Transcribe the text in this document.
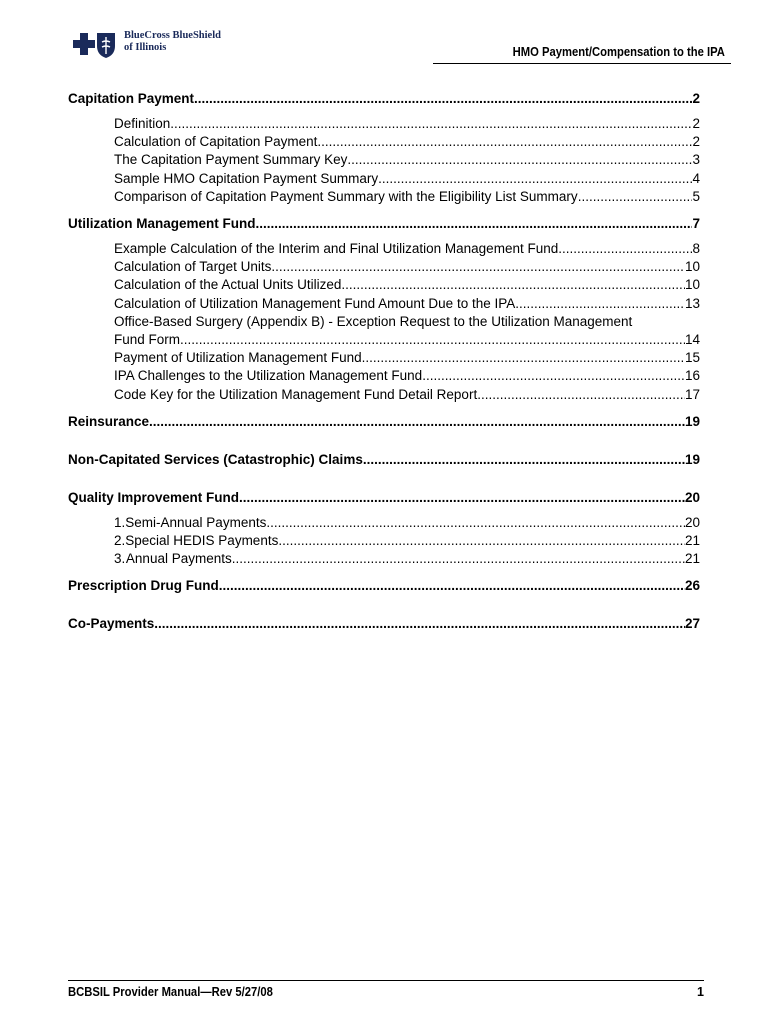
BlueCross BlueShield
of Illinois	HMO Payment/Compensation to the IPA
Capitation Payment .....	2
Definition .....	2
Calculation of Capitation Payment .....	2
The Capitation Payment Summary Key .....	3
Sample HMO Capitation Payment Summary .....	4
Comparison of Capitation Payment Summary with the Eligibility List Summary .....	5
Utilization Management Fund .....	7
Example Calculation of the Interim and Final Utilization Management Fund .....	8
Calculation of Target Units .....	10
Calculation of the Actual Units Utilized .....	10
Calculation of Utilization Management Fund Amount Due to the IPA .....	13
Office-Based Surgery (Appendix B) - Exception Request to the Utilization Management
Fund Form .....	14
Payment of Utilization Management Fund .....	15
IPA Challenges to the Utilization Management Fund .....	16
Code Key for the Utilization Management Fund Detail Report .....	17
Reinsurance .....	19
Non-Capitated Services (Catastrophic) Claims .....	19
Quality Improvement Fund .....	20
1. Semi-Annual Payments .....	20
2. Special HEDIS Payments .....	21
3. Annual Payments .....	21
Prescription Drug Fund .....	26
Co-Payments .....	27
BCBSIL Provider Manual—Rev 5/27/08	1
